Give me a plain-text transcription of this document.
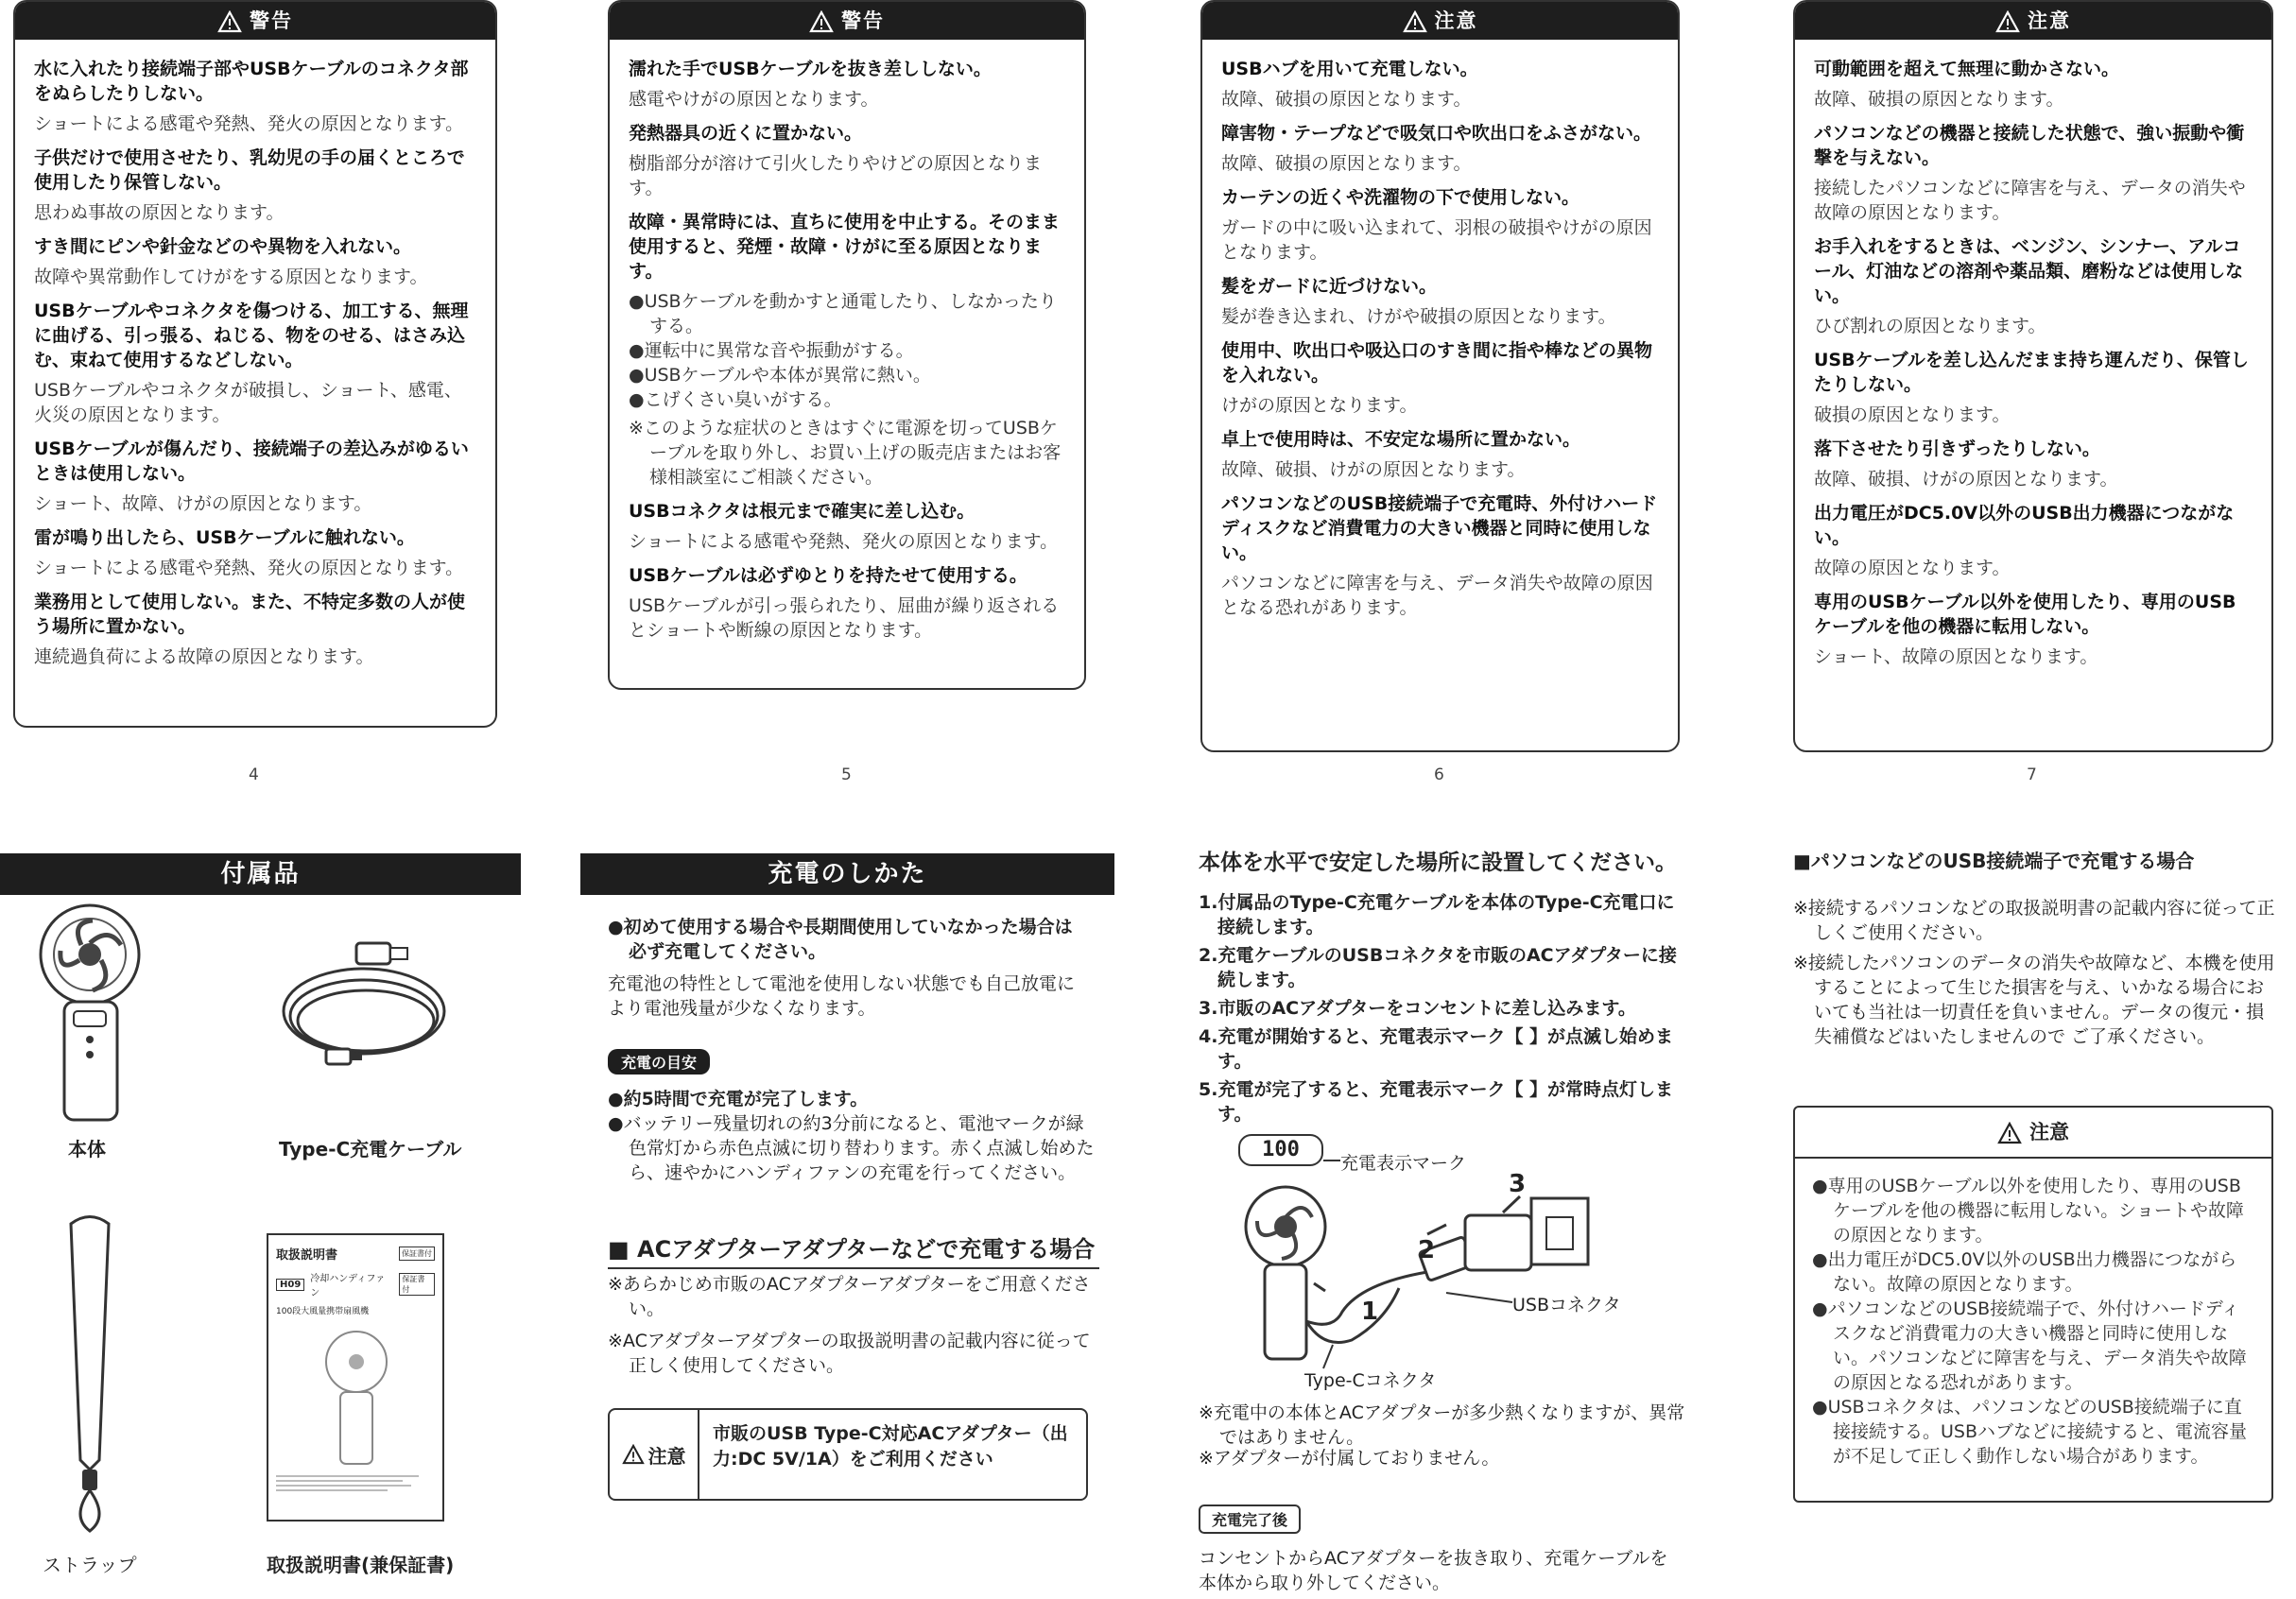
警告

水に入れたり接続端子部やUSBケーブルのコネクタ部をぬらしたりしない。

ショートによる感電や発熱、発火の原因となります。

子供だけで使用させたり、乳幼児の手の届くところで使用したり保管しない。

思わぬ事故の原因となります。

すき間にピンや針金などのや異物を入れない。

故障や異常動作してけがをする原因となります。

USBケーブルやコネクタを傷つける、加工する、無理に曲げる、引っ張る、ねじる、物をのせる、はさみ込む、束ねて使用するなどしない。

USBケーブルやコネクタが破損し、ショート、感電、火災の原因となります。

USBケーブルが傷んだり、接続端子の差込みがゆるいときは使用しない。

ショート、故障、けがの原因となります。

雷が鳴り出したら、USBケーブルに触れない。

ショートによる感電や発熱、発火の原因となります。

業務用として使用しない。また、不特定多数の人が使う場所に置かない。

連続過負荷による故障の原因となります。

4
警告

濡れた手でUSBケーブルを抜き差ししない。

感電やけがの原因となります。

発熱器具の近くに置かない。

樹脂部分が溶けて引火したりやけどの原因となります。

故障・異常時には、直ちに使用を中止する。そのまま使用すると、発煙・故障・けがに至る原因となります。

●USBケーブルを動かすと通電したり、しなかったりする。
●運転中に異常な音や振動がする。
●USBケーブルや本体が異常に熱い。
●こげくさい臭いがする。

※このような症状のときはすぐに電源を切ってUSBケーブルを取り外し、お買い上げの販売店またはお客様相談室にご相談ください。

USBコネクタは根元まで確実に差し込む。

ショートによる感電や発熱、発火の原因となります。

USBケーブルは必ずゆとりを持たせて使用する。

USBケーブルが引っ張られたり、屈曲が繰り返されるとショートや断線の原因となります。

5
注意

USBハブを用いて充電しない。

故障、破損の原因となります。

障害物・テープなどで吸気口や吹出口をふさがない。

故障、破損の原因となります。

カーテンの近くや洗濯物の下で使用しない。

ガードの中に吸い込まれて、羽根の破損やけがの原因となります。

髪をガードに近づけない。

髪が巻き込まれ、けがや破損の原因となります。

使用中、吹出口や吸込口のすき間に指や棒などの異物を入れない。

けがの原因となります。

卓上で使用時は、不安定な場所に置かない。

故障、破損、けがの原因となります。

パソコンなどのUSB接続端子で充電時、外付けハードディスクなど消費電力の大きい機器と同時に使用しない。

パソコンなどに障害を与え、データ消失や故障の原因となる恐れがあります。

6
注意

可動範囲を超えて無理に動かさない。

故障、破損の原因となります。

パソコンなどの機器と接続した状態で、強い振動や衝撃を与えない。

接続したパソコンなどに障害を与え、データの消失や故障の原因となります。

お手入れをするときは、ベンジン、シンナー、アルコール、灯油などの溶剤や薬品類、磨粉などは使用しない。

ひび割れの原因となります。

USBケーブルを差し込んだまま持ち運んだり、保管したりしない。

破損の原因となります。

落下させたり引きずったりしない。

故障、破損、けがの原因となります。

出力電圧がDC5.0V以外のUSB出力機器につながない。

故障の原因となります。

専用のUSBケーブル以外を使用したり、専用のUSBケーブルを他の機器に転用しない。

ショート、故障の原因となります。

7
付属品
本体	Type-C充電ケーブル
ストラップ
取扱説明書	保証書付
H09	冷却ハンディファン
保証書付
100段大風量携帯扇風機
取扱説明書(兼保証書)
充電のしかた
●初めて使用する場合や長期間使用していなかった場合は必ず充電してください。
充電池の特性として電池を使用しない状態でも自己放電により電池残量が少なくなります。
充電の目安
●約5時間で充電が完了します。
●バッテリー残量切れの約3分前になると、電池マークが緑色常灯から赤色点滅に切り替わります。赤く点滅し始めたら、速やかにハンディファンの充電を行ってください。
■ ACアダプターアダプターなどで充電する場合
※あらかじめ市販のACアダプターアダプターをご用意ください。
※ACアダプターアダプターの取扱説明書の記載内容に従って正しく使用してください。
注意
市販のUSB Type-C対応ACアダプター（出力:DC 5V/1A）をご利用ください
本体を水平で安定した場所に設置してください。
1.付属品のType-C充電ケーブルを本体のType-C充電口に接続します。
2.充電ケーブルのUSBコネクタを市販のACアダプターに接続します。
3.市販のACアダプターをコンセントに差し込みます。
4.充電が開始すると、充電表示マーク【 】が点滅し始めます。
5.充電が完了すると、充電表示マーク【 】が常時点灯します。
100
充電表示マーク
1
2
3
USBコネクタ
Type-Cコネクタ
※充電中の本体とACアダプターが多少熱くなりますが、異常ではありません。
※アダプターが付属しておりません。
充電完了後
コンセントからACアダプターを抜き取り、充電ケーブルを本体から取り外してください。
■パソコンなどのUSB接続端子で充電する場合
※接続するパソコンなどの取扱説明書の記載内容に従って正しくご使用ください。
※接続したパソコンのデータの消失や故障など、本機を使用することによって生じた損害を与え、いかなる場合においても当社は一切責任を負いません。データの復元・損失補償などはいたしませんので ご了承ください。
注意
●専用のUSBケーブル以外を使用したり、専用のUSBケーブルを他の機器に転用しない。ショートや故障の原因となります。
●出力電圧がDC5.0V以外のUSB出力機器につながらない。故障の原因となります。
●パソコンなどのUSB接続端子で、外付けハードディスクなど消費電力の大きい機器と同時に使用しない。パソコンなどに障害を与え、データ消失や故障の原因となる恐れがあります。
●USBコネクタは、パソコンなどのUSB接続端子に直接接続する。USBハブなどに接続すると、電流容量が不足して正しく動作しない場合があります。
